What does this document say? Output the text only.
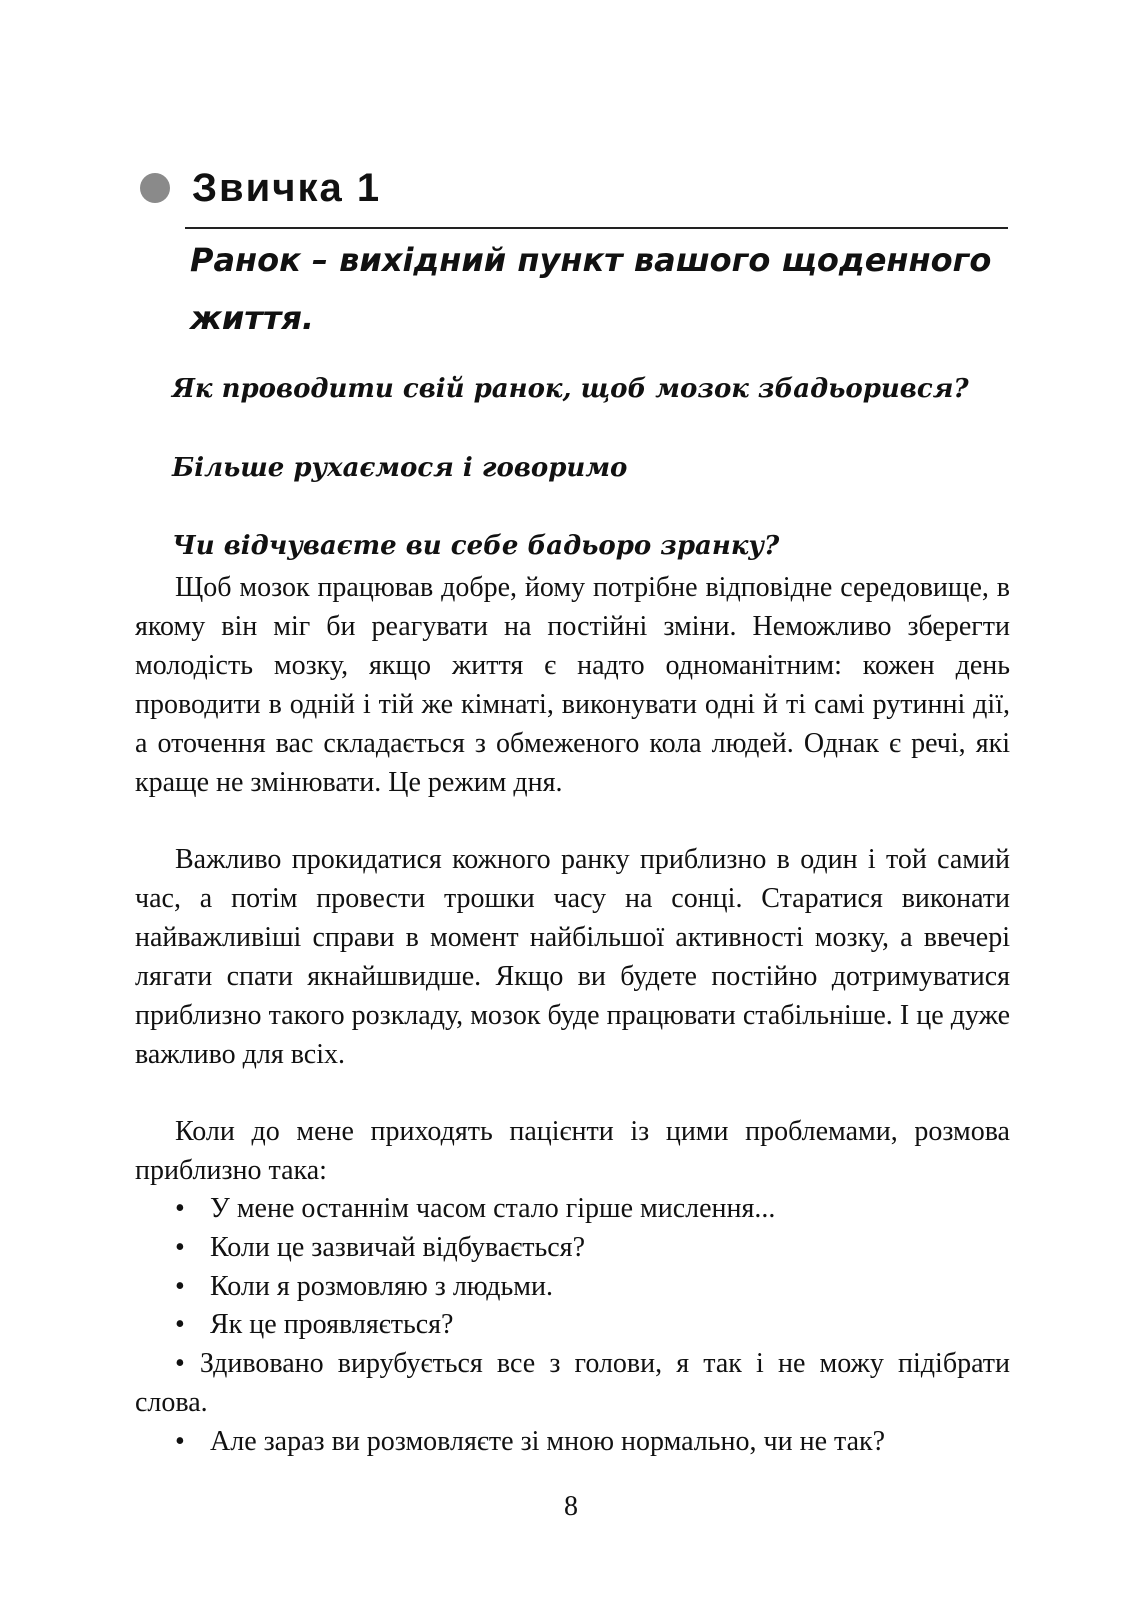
Звичка 1
Ранок – вихідний пункт вашого щоденного життя.
Як проводити свій ранок, щоб мозок збадьорився?
Більше рухаємося і говоримо
Чи відчуваєте ви себе бадьоро зранку?

Щоб мозок працював добре, йому потрібне відповідне середовище, в якому він міг би реагувати на постійні зміни. Неможливо зберегти молодість мозку, якщо життя є надто одноманітним: кожен день проводити в одній і тій же кімнаті, виконувати одні й ті самі рутинні дії, а оточення вас складається з обмеженого кола людей. Однак є речі, які краще не змінювати. Це режим дня.

Важливо прокидатися кожного ранку приблизно в один і той самий час, а потім провести трошки часу на сонці. Старатися виконати найважливіші справи в момент найбільшої активності мозку, а ввечері лягати спати якнайшвидше. Якщо ви будете постійно дотримуватися приблизно такого розкладу, мозок буде працювати стабільніше. І це дуже важливо для всіх.

Коли до мене приходять пацієнти із цими проблемами, розмова приблизно така:

• У мене останнім часом стало гірше мислення...
• Коли це зазвичай відбувається?
• Коли я розмовляю з людьми.
• Як це проявляється?
• Здивовано вирубується все з голови, я так і не можу підібрати слова.
• Але зараз ви розмовляєте зі мною нормально, чи не так?
8
